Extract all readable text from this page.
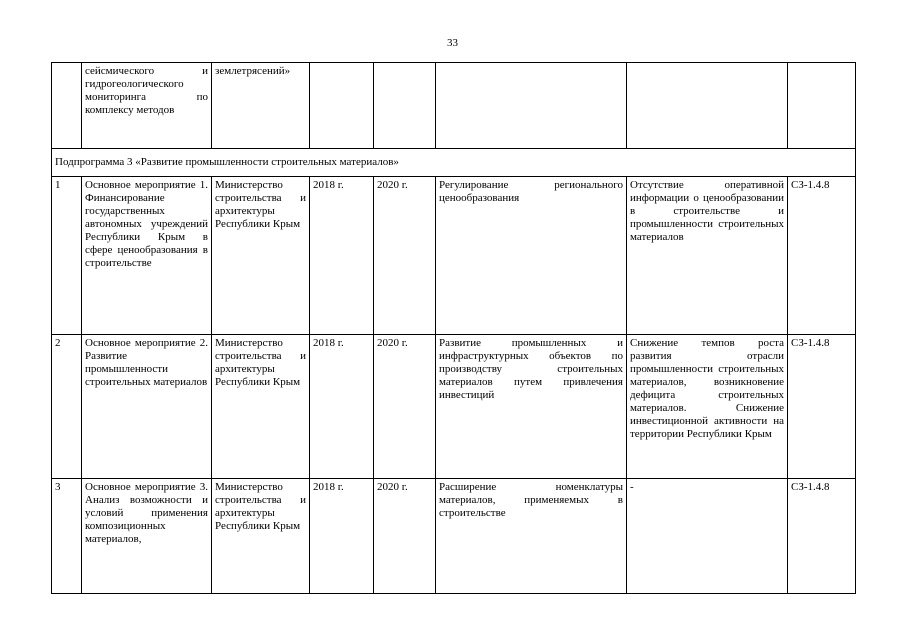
33
	сейсмического и гидрогеологического мониторинга по комплексу методов	землетрясений»					
Подпрограмма 3 «Развитие промышленности строительных материалов»							
1	Основное мероприятие 1. Финансирование государственных автономных учреждений Республики Крым в сфере ценообразования в строительстве	Министерство строительства и архитектуры Республики Крым	2018 г.	2020 г.	Регулирование регионального ценообразования	Отсутствие оперативной информации о ценообразовании в строительстве и промышленности строительных материалов	СЗ-1.4.8
2	Основное мероприятие 2. Развитие промышленности строительных материалов	Министерство строительства и архитектуры Республики Крым	2018 г.	2020 г.	Развитие промышленных и инфраструктурных объектов по производству строительных материалов путем привлечения инвестиций	Снижение темпов роста развития отрасли промышленности строительных материалов, возникновение дефицита строительных материалов. Снижение инвестиционной активности на территории Республики Крым	СЗ-1.4.8
3	Основное мероприятие 3. Анализ возможности и условий применения композиционных материалов,	Министерство строительства и архитектуры Республики Крым	2018 г.	2020 г.	Расширение номенклатуры материалов, применяемых в строительстве	-	СЗ-1.4.8
